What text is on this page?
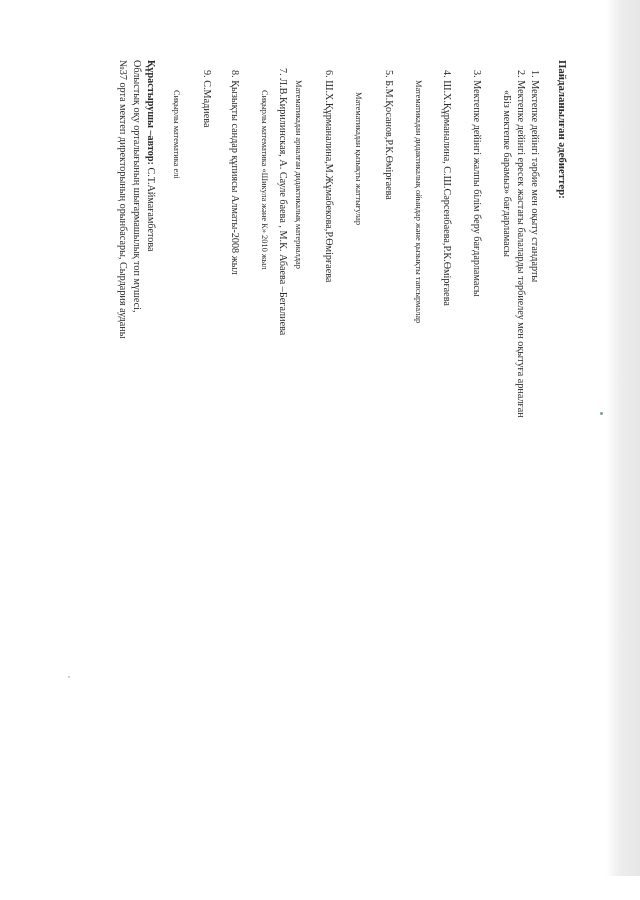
Пайдаланылған әдебиеттер:
1. Мектепке дейінгі тәрбие мен оқыту стандарты
2. Мектепке дейінгі ересек жастағы балаларды тәрбиелеу мен оқытуға арналған
«Біз мектепке барамыз» бағдарламасы
3. Мектепке дейінгі жалпы білім беру бағдарламасы
4. Ш.Х.Құрманалина, С.Ш.Сәрсенбаева,Р.К.Өмірғаева
Математикадан дидактикалық ойындар және қызықты тапсырмалар
5. Б.М.Қосанов,Р.К.Өмірғаева
Математикадан қызықты жаттығулар
6. Ш.Х.Құрманалина,М.Жұмабекова,Р.Өмірғаева
Математикадан арналған дидактикалық материалдар
7. Л.В.Кирилинская, А. Сауле баева , М.К. Абаева –Бегалиева
Сиқырлы математика «Шикула және К» 2010 жыл
8. Қызықты сандар құпиясы Алматы-2008 жыл
9. С.Мадиева
Сиқырлы математика елі
Құрастырушы –автор: С.Т.Аймағамбетова
Облыстық оқу орталығының шығармашылық топ мүшесі,
№37 орта мектеп директорының орынбасары, Сырдария ауданы
